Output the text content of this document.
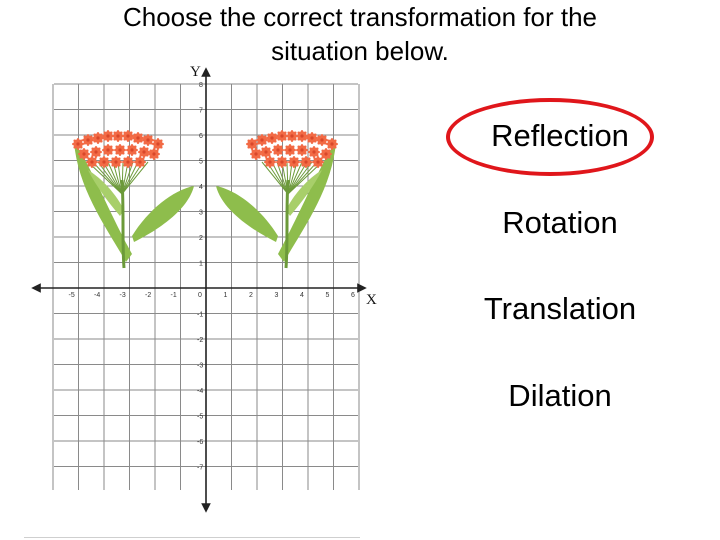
Choose the correct transformation for the
situation below.
X
Y
-5	-4	-3	-2	-1	0	1	2	3	4	5	6
8
7
6
5
4
3
2
1
-1
-2
-3
-4
-5
-6
-7
Reflection
Rotation
Translation
Dilation
